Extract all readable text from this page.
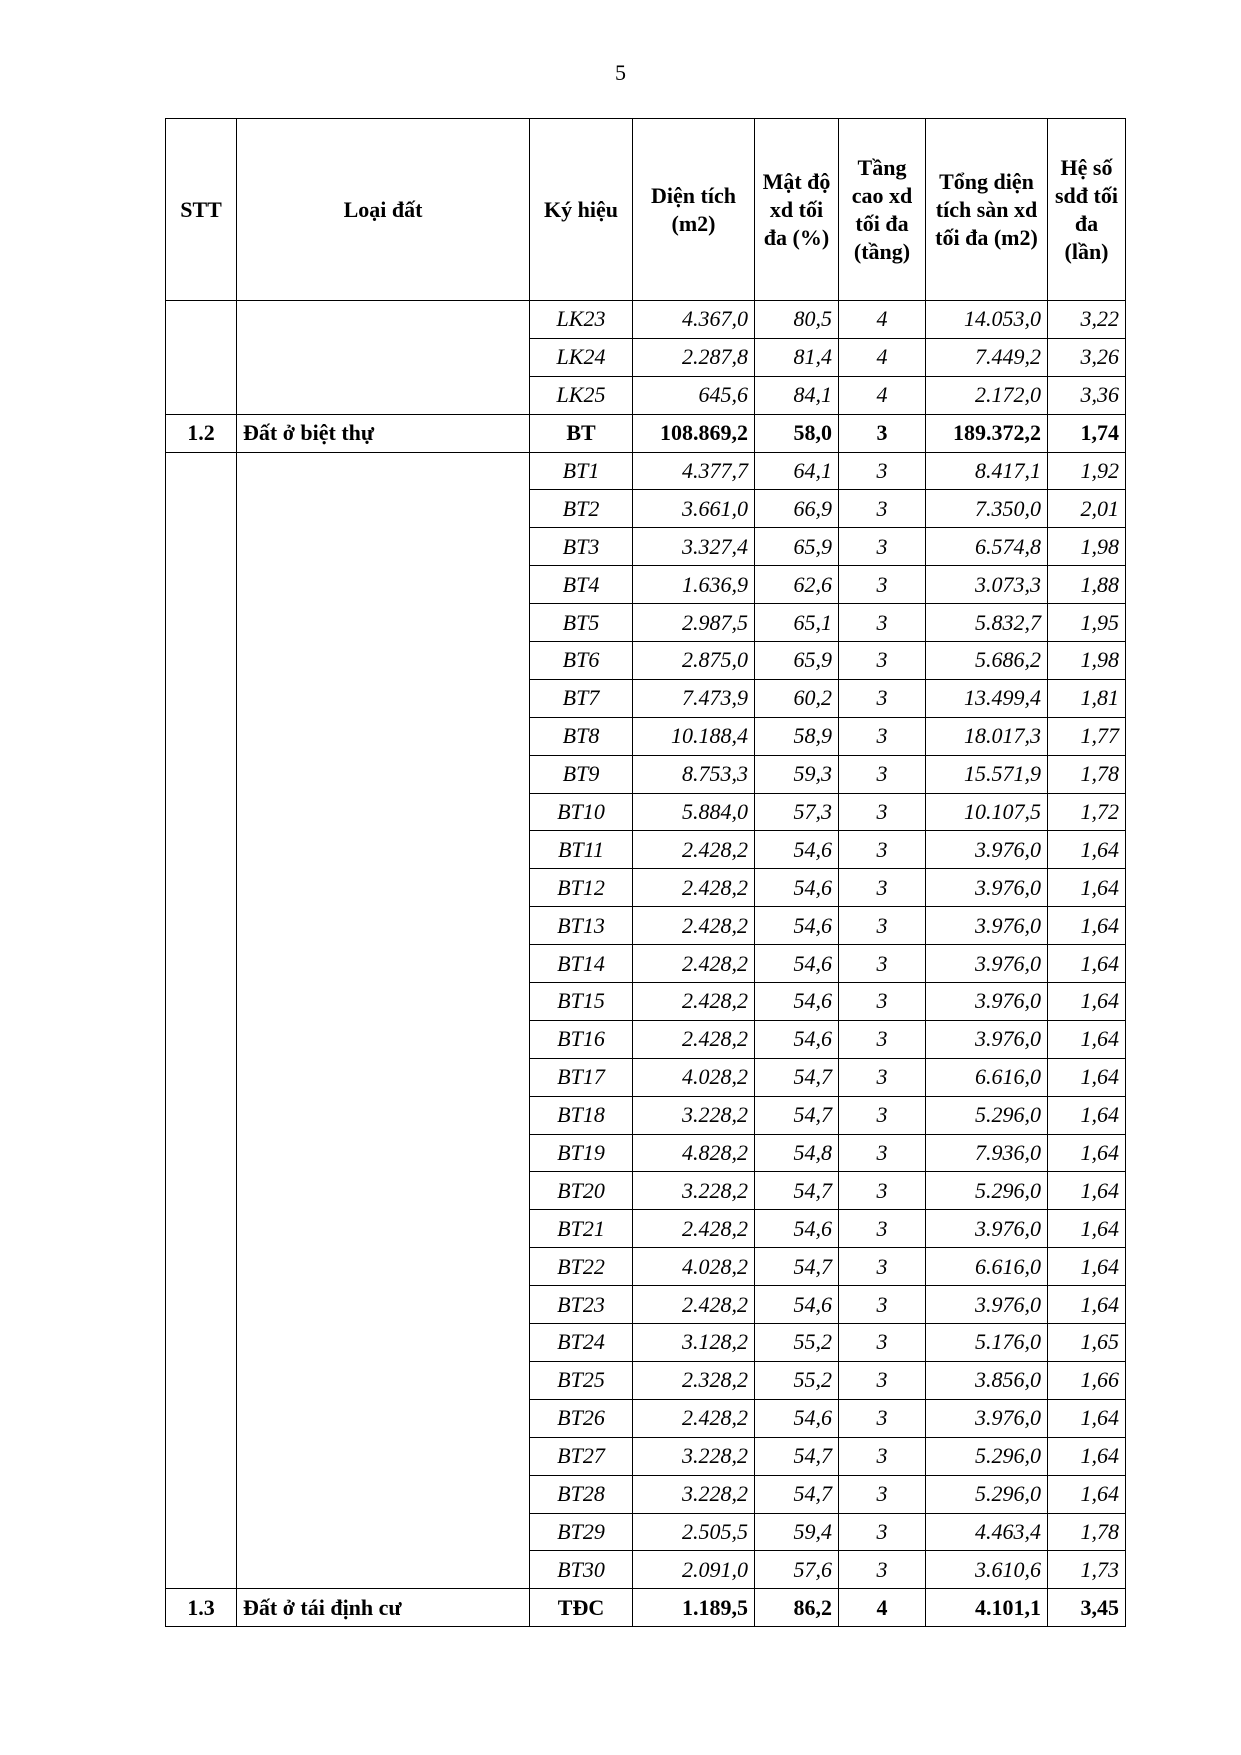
5
STT	Loại đất	Ký hiệu	Diện tích (m2)	Mật độ xd tối đa (%)	Tầng cao xd tối đa (tầng)	Tổng diện tích sàn xd tối đa (m2)	Hệ số sdđ tối đa (lần)
		LK23	4.367,0	80,5	4	14.053,0	3,22
		LK24	2.287,8	81,4	4	7.449,2	3,26
		LK25	645,6	84,1	4	2.172,0	3,36
1.2	Đất ở biệt thự	BT	108.869,2	58,0	3	189.372,2	1,74
		BT1	4.377,7	64,1	3	8.417,1	1,92
		BT2	3.661,0	66,9	3	7.350,0	2,01
		BT3	3.327,4	65,9	3	6.574,8	1,98
		BT4	1.636,9	62,6	3	3.073,3	1,88
		BT5	2.987,5	65,1	3	5.832,7	1,95
		BT6	2.875,0	65,9	3	5.686,2	1,98
		BT7	7.473,9	60,2	3	13.499,4	1,81
		BT8	10.188,4	58,9	3	18.017,3	1,77
		BT9	8.753,3	59,3	3	15.571,9	1,78
		BT10	5.884,0	57,3	3	10.107,5	1,72
		BT11	2.428,2	54,6	3	3.976,0	1,64
		BT12	2.428,2	54,6	3	3.976,0	1,64
		BT13	2.428,2	54,6	3	3.976,0	1,64
		BT14	2.428,2	54,6	3	3.976,0	1,64
		BT15	2.428,2	54,6	3	3.976,0	1,64
		BT16	2.428,2	54,6	3	3.976,0	1,64
		BT17	4.028,2	54,7	3	6.616,0	1,64
		BT18	3.228,2	54,7	3	5.296,0	1,64
		BT19	4.828,2	54,8	3	7.936,0	1,64
		BT20	3.228,2	54,7	3	5.296,0	1,64
		BT21	2.428,2	54,6	3	3.976,0	1,64
		BT22	4.028,2	54,7	3	6.616,0	1,64
		BT23	2.428,2	54,6	3	3.976,0	1,64
		BT24	3.128,2	55,2	3	5.176,0	1,65
		BT25	2.328,2	55,2	3	3.856,0	1,66
		BT26	2.428,2	54,6	3	3.976,0	1,64
		BT27	3.228,2	54,7	3	5.296,0	1,64
		BT28	3.228,2	54,7	3	5.296,0	1,64
		BT29	2.505,5	59,4	3	4.463,4	1,78
		BT30	2.091,0	57,6	3	3.610,6	1,73
1.3	Đất ở tái định cư	TĐC	1.189,5	86,2	4	4.101,1	3,45
